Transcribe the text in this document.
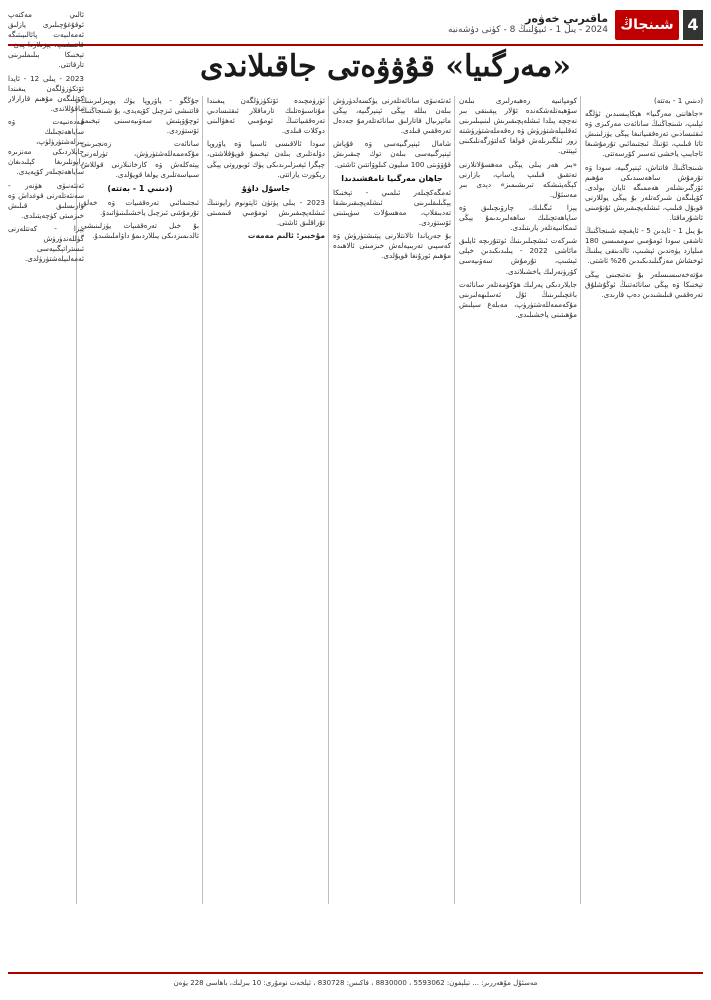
شىنجاڭ گېزىتى
4
ماقىرىي خەۋەر
2024 - يىل 1 - ئىيۇلنىڭ 8 - كۈنى دۈشەنبە
«مەرگىيا» قۇۋۋەتى جاقىلاندى

(دىنىي 1 - بەتتە)

«جاھاننى مەرگىيا» ھېكايىسىدىن ئۈلگە ئېلىپ، شىنجاڭنىڭ سانائەت مەركىزى ۋە ئىقتىسادىي تەرەققىياتىغا يېڭى يۈزلىنىش ئاتا قىلىپ، ئۇنىڭ ئىجتىمائىي تۇرمۇشىغا ئاجايىپ ياخشى تەسىر كۆرسەتتى.

شىنجاڭنىڭ قاتناش، ئېنېرگىيە، سودا ۋە تۇرمۇش ساھەسىدىكى مۇھىم ئۆزگىرىشلەر ھەممىگە ئايان بولدى. كۆپلىگەن شىركەتلەر بۇ يېڭى يوللارنى قوبۇل قىلىپ، ئىشلەپچىقىرىش ئۇنۇمىنى ئاشۇرماقتا.

بۇ يىل 1 - ئايدىن 5 - ئايغىچە شىنجاڭنىڭ تاشقى سودا ئومۇمىي سوممىسى 180 مىليارد يۈەندىن ئېشىپ، ئالدىنقى يىلنىڭ ئوخشاش مەزگىلىدىكىدىن 26% ئاشتى.

مۇتەخەسسىسلەر بۇ نەتىجىنى يېڭى تېخنىكا ۋە يېڭى سانائەتنىڭ ئوڭۇشلۇق تەرەققىي قىلىشىدىن دەپ قارىدى.

كومپانىيە رەھبەرلىرى بىلەن سۆھبەتلەشكەندە ئۇلار يېقىنقى بىر نەچچە يىلدا ئىشلەپچىقىرىش لىنىيىلىرىنى ئەقلىيلەشتۈرۈش ۋە رەقەملەشتۈرۈشتە زور ئىلگىرىلەش قولغا كەلتۈرگەنلىكىنى ئېيتتى.

«بىز ھەر يىلى يېڭى مەھسۇلاتلارنى تەتقىق قىلىپ ياساپ، بازارنى كېڭەيتىشكە تىرىشىمىز» دېدى بىر مەسئۇل.

يېزا ئىگىلىك، چارۋىچىلىق ۋە ساياھەتچىلىك ساھەلىرىدىمۇ يېڭى ئىمكانىيەتلەر يارىتىلدى.

شىركەت ئىشچىلىرىنىڭ ئوتتۇرىچە ئايلىق مائاشى 2022 - يىلىدىكىدىن خېلى ئېشىپ، تۇرمۇش سەۋىيەسى كۆرۈنەرلىك ياخشىلاندى.

جايلاردىكى يەرلىك ھۆكۈمەتلەر سانائەت باغچىلىرىنىڭ ئۇل ئەسلىھەلىرىنى مۇكەممەللەشتۈرۈپ، مەبلەغ سېلىش مۇھىتىنى ياخشىلىدى.

ئەنئەنىۋى سانائەتلەرنى يۈكسەلدۈرۈش بىلەن بىللە يېڭى ئېنېرگىيە، يېڭى ماتېرىيال قاتارلىق سانائەتلەرمۇ جەدەل تەرەققىي قىلدى.

شامال ئېنېرگىيەسى ۋە قۇياش ئېنېرگىيەسى بىلەن توك چىقىرىش قۇۋۋىتى 100 مىليون كىلوۋاتتىن ئاشتى.

جاھان مەرگىيا نامقشىدىدا

ئەمگەكچىلەر ئىلمىي - تېخنىكا يېڭىلىقلىرىنى ئىشلەپچىقىرىشقا تەدبىقلاپ، مەھسۇلات سۈپىتىنى ئۆستۈردى.

بۇ جەرياندا تالانتلارنى يېتىشتۈرۈش ۋە كەسپىي تەربىيەلەش خىزمىتى ئالاھىدە مۇھىم ئورۇنغا قويۇلدى.

ئۈرۈمچىدە ئۆتكۈزۈلگەن يىغىندا مۇناسىۋەتلىك تارماقلار ئىقتىسادىي تەرەققىياتنىڭ ئومۇمىي ئەھۋالىنى دوكلات قىلدى.

سودا ئالاقىسى ئاسىيا ۋە ياۋروپا دۆلەتلىرى بىلەن تېخىمۇ قويۇقلاشتى، چېگرا ئېغىزلىرىدىكى يۈك ئوبوروتى يېڭى رېكورت ياراتتى.

جاسۇل داۋۇ

2023 - يىلى پۈتۈن ئاپتونوم رايوننىڭ ئىشلەپچىقىرىش ئومۇمىي قىممىتى تۇراقلىق ئاشتى.

مۇخبىر: ئالىم مەمەت

جۇڭگو - ياۋروپا يۈك پويىزلىرىنىڭ قاتنىشى ئىزچىل كۆپەيدى، بۇ شىنجاڭنىڭ ئوچۇۋېتىش سەۋىيەسىنى تېخىمۇ ئۆستۈردى.

سانائەت زەنجىرىنى مۇكەممەللەشتۈرۈش، تۈرلەرنى يېتەكلەش ۋە كارخانىلارنى قوللاش سىياسەتلىرى يولغا قويۇلدى.

(دىنىي 1 - بەتتە)

ئىجتىمائىي تەرەققىيات ۋە خەلق تۇرمۇشى ئىزچىل ياخشىلىنىۋاتىدۇ.

بۇ خىل تەرەققىيات يۈزلىنىشى ئالدىمىزدىكى يىللاردىمۇ داۋاملىشىدۇ.

ئالىي مەكتەپ ئوقۇغۇچىلىرى يازلىق ئەمەلىيەت پائالىيىتىگە قاتنىشىپ، يېزىلاردا پەن - تېخنىكا بىلىملىرىنى تارقاتتى.

2023 - يىلى 12 - ئايدا ئۆتكۈزۈلگەن يىغىندا كۆپلىگەن مۇھىم قارارلار ماقۇللاندى.

مەدەنىيەت ۋە ساياھەتچىلىك بىرلەشتۈرۈلۈپ، جايلاردىكى مەنزىرە رايونلىرىغا كېلىدىغان ساياھەتچىلەر كۆپەيدى.

ئەنئەنىۋى ھۈنەر - سەنئەتلەرنى قوغداش ۋە ۋارىسلىق قىلىش خىزمىتى كۈچەيتىلدى.

يېزا - كەنتلەرنى گۈللەندۈرۈش ئىستراتېگىيەسى ئەمەلىيلەشتۈرۈلدى.

مەسئۇل مۇھەررىر: ... تېلېفون: 5593062 ، 8830000 ، فاكىس: 830728 ، ئېلخەت نومۇرى: 10 بىرلىك، باھاسى 228 يۈەن
